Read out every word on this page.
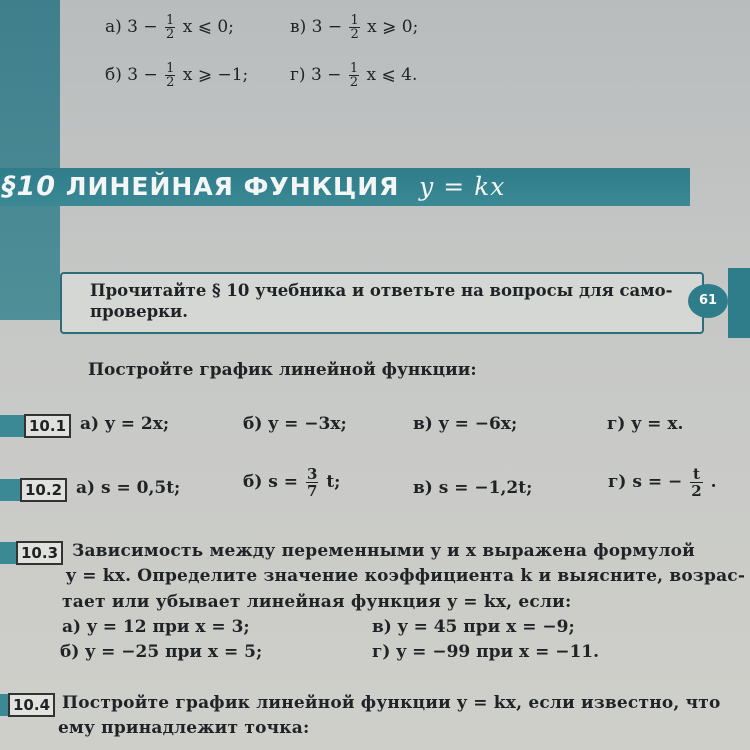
а) $3 - \frac{1}{2}$ x ⩽ 0;	в) $3 - \frac{1}{2}$ x ⩾ 0;
б) $3 - \frac{1}{2}$ x ⩾ −1; г) $3 - \frac{1}{2}$ x ⩽ 4.
§10 ЛИНЕЙНАЯ ФУНКЦИЯ y = kx
Прочитайте § 10 учебника и ответьте на вопросы для само-
проверки.
61
Постройте график линейной функции:
10.1 а) y = 2x;	б) y = −3x;	в) y = −6x;	г) y = x.
10.2 а) s = 0,5t;	б) $s = \frac{3}{7} t$;	в) s = −1,2t;	г) s = − $\frac{t}{2}$ .
10.3 Зависимость между переменными y и x выражена формулой
y = kx. Определите значение коэффициента k и выясните, возрас-
тает или убывает линейная функция y = kx, если:
а) y = 12 при x = 3;	в) y = 45 при x = −9;
б) y = −25 при x = 5;	г) y = −99 при x = −11.
10.4 Постройте график линейной функции y = kx, если известно, что
ему принадлежит точка:
